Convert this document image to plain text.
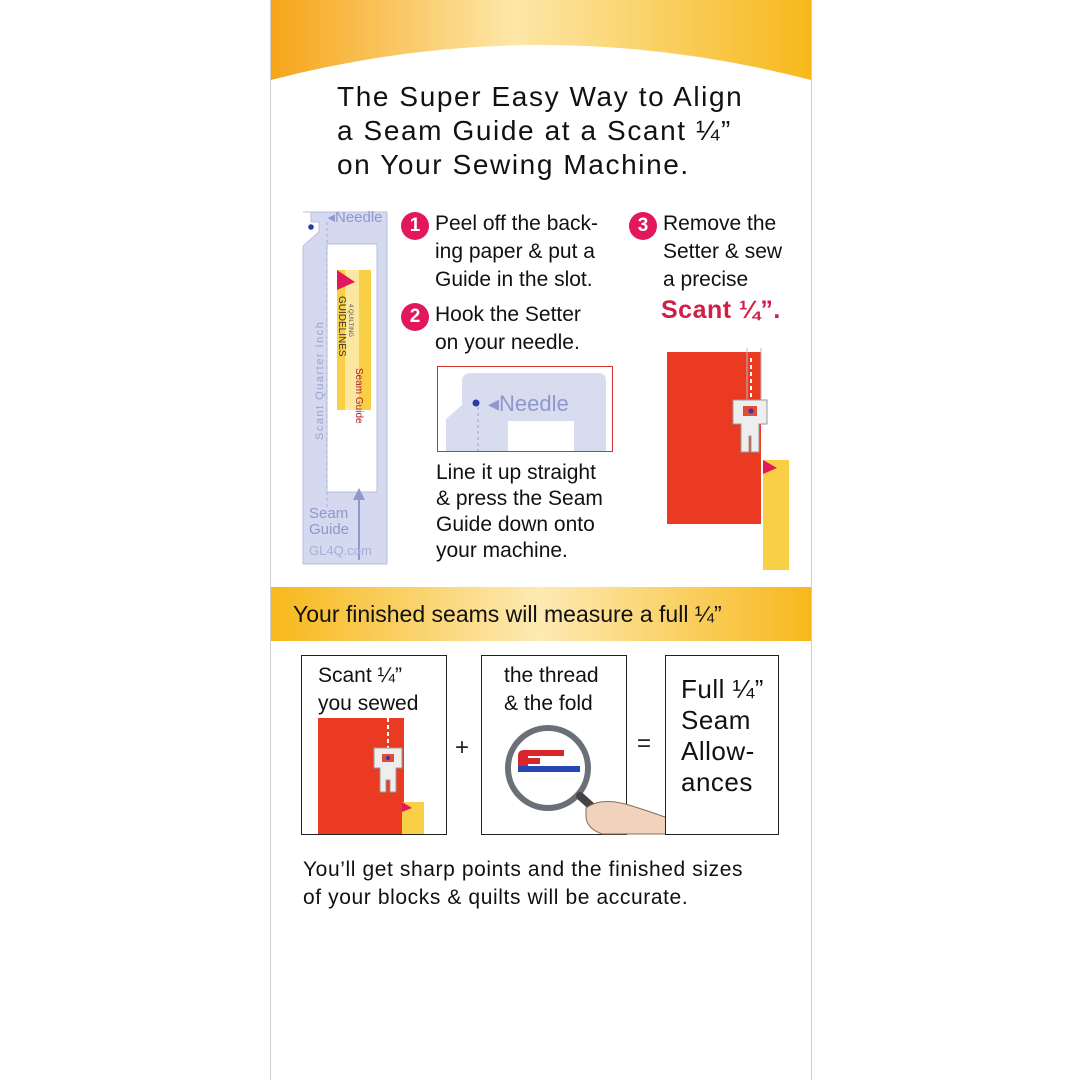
The Super Easy Way to Align
a Seam Guide at a Scant ¼”
on Your Sewing Machine.
◂Needle
Scant Quarter Inch GUIDELINES 4 QUILTING
Seam Guide
Seam
Guide
GL4Q.com
1 Peel off the back-
ing paper & put a
Guide in the slot.
2 Hook the Setter
on your needle.
3 Remove the
Setter & sew
a precise
Scant ¼”.
◂Needle
Line it up straight
& press the Seam
Guide down onto
your machine.
Your finished seams will measure a full ¼”
Scant ¼”
you sewed
+
the thread
& the fold
=
Full ¼”
Seam
Allow-
ances
You’ll get sharp points and the finished sizes
of your blocks & quilts will be accurate.
